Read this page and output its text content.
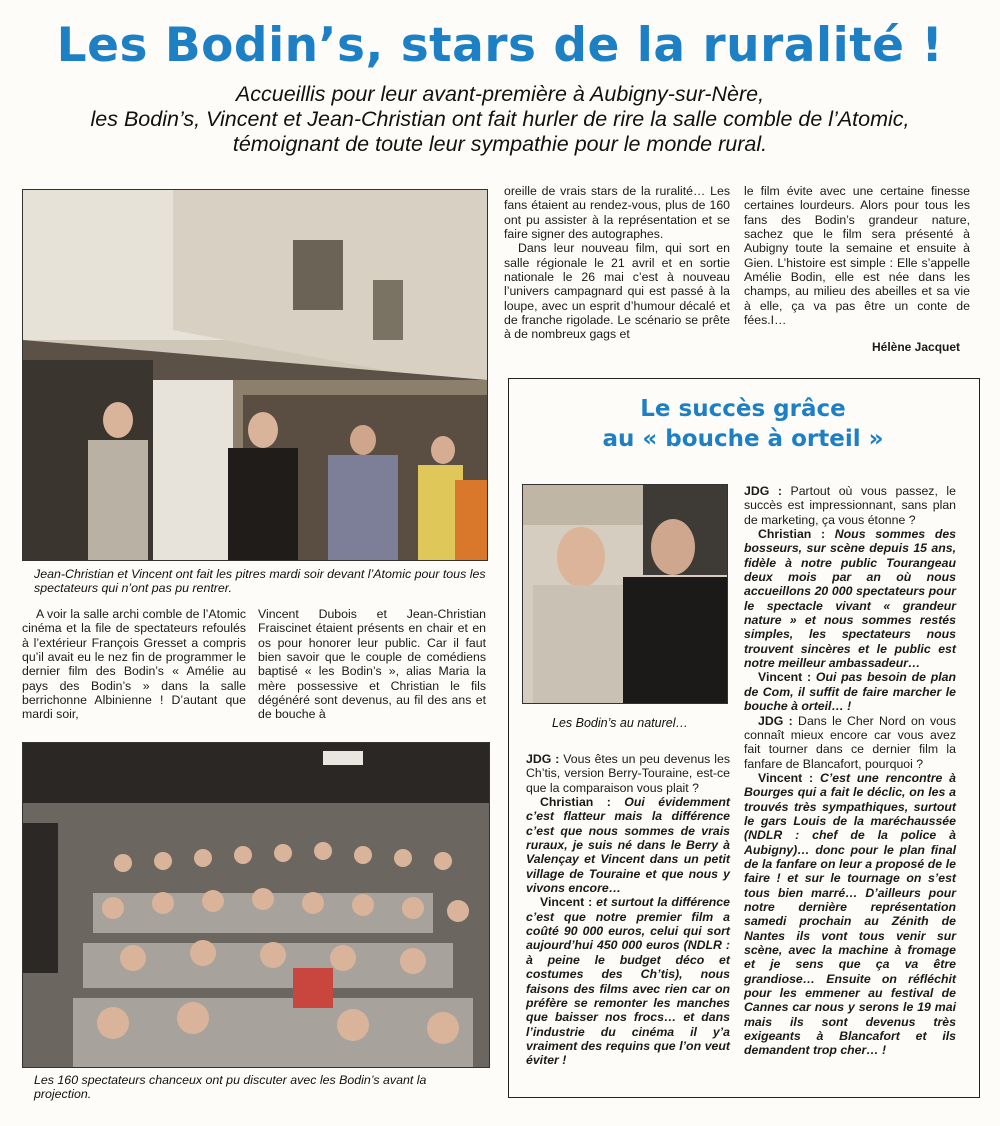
Les Bodin’s, stars de la ruralité !
Accueillis pour leur avant-première à Aubigny-sur-Nère,
les Bodin’s, Vincent et Jean-Christian ont fait hurler de rire la salle comble de l’Atomic,
témoignant de toute leur sympathie pour le monde rural.

Jean-Christian et Vincent ont fait les pitres mardi soir devant l’Atomic pour tous les spectateurs qui n’ont pas pu rentrer.

A voir la salle archi comble de l’Atomic cinéma et la file de spectateurs refoulés à l’extérieur François Gresset a compris qu’il avait eu le nez fin de programmer le dernier film des Bodin’s « Amélie au pays des Bodin’s » dans la salle berrichonne Albinienne ! D’autant que mardi soir,

Vincent Dubois et Jean-Christian Fraiscinet étaient présents en chair et en os pour honorer leur public. Car il faut bien savoir que le couple de comédiens baptisé « les Bodin’s », alias Maria la mère possessive et Christian le fils dégénéré sont devenus, au fil des ans et de bouche à

oreille de vrais stars de la ruralité… Les fans étaient au rendez-vous, plus de 160 ont pu assister à la représentation et se faire signer des autographes.

Dans leur nouveau film, qui sort en salle régionale le 21 avril et en sortie nationale le 26 mai c’est à nouveau l’univers campagnard qui est passé à la loupe, avec un esprit d’humour décalé et de franche rigolade. Le scénario se prête à de nombreux gags et

le film évite avec une certaine finesse certaines lourdeurs. Alors pour tous les fans des Bodin’s grandeur nature, sachez que le film sera présenté à Aubigny toute la semaine et ensuite à Gien. L’histoire est simple : Elle s’appelle Amélie Bodin, elle est née dans les champs, au milieu des abeilles et sa vie à elle, ça va pas être un conte de fées.I…

Hélène Jacquet

Les 160 spectateurs chanceux ont pu discuter avec les Bodin’s avant la projection.

Le succès grâce
au « bouche à orteil »

Les Bodin’s au naturel…

JDG : Vous êtes un peu devenus les Ch’tis, version Berry-Touraine, est-ce que la comparaison vous plait ?

Christian : Oui évidemment c’est flatteur mais la différence c’est que nous sommes de vrais ruraux, je suis né dans le Berry à Valençay et Vincent dans un petit village de Touraine et que nous y vivons encore…

Vincent : et surtout la différence c’est que notre premier film a coûté 90 000 euros, celui qui sort aujourd’hui 450 000 euros (NDLR : à peine le budget déco et costumes des Ch’tis), nous faisons des films avec rien car on préfère se remonter les manches que baisser nos frocs… et dans l’industrie du cinéma il y’a vraiment des requins que l’on veut éviter !

JDG : Partout où vous passez, le succès est impressionnant, sans plan de marketing, ça vous étonne ?

Christian : Nous sommes des bosseurs, sur scène depuis 15 ans, fidèle à notre public Tourangeau deux mois par an où nous accueillons 20 000 spectateurs pour le spectacle vivant « grandeur nature » et nous sommes restés simples, les spectateurs nous trouvent sincères et le public est notre meilleur ambassadeur…

Vincent : Oui pas besoin de plan de Com, il suffit de faire marcher le bouche à orteil… !

JDG : Dans le Cher Nord on vous connaît mieux encore car vous avez fait tourner dans ce dernier film la fanfare de Blancafort, pourquoi ?

Vincent : C’est une rencontre à Bourges qui a fait le déclic, on les a trouvés très sympathiques, surtout le gars Louis de la maréchaussée (NDLR : chef de la police à Aubigny)… donc pour le plan final de la fanfare on leur a proposé de le faire ! et sur le tournage on s’est tous bien marré… D’ailleurs pour notre dernière représentation samedi prochain au Zénith de Nantes ils vont tous venir sur scène, avec la machine à fromage et je sens que ça va être grandiose… Ensuite on réfléchit pour les emmener au festival de Cannes car nous y serons le 19 mai mais ils sont devenus très exigeants à Blancafort et ils demandent trop cher… !
